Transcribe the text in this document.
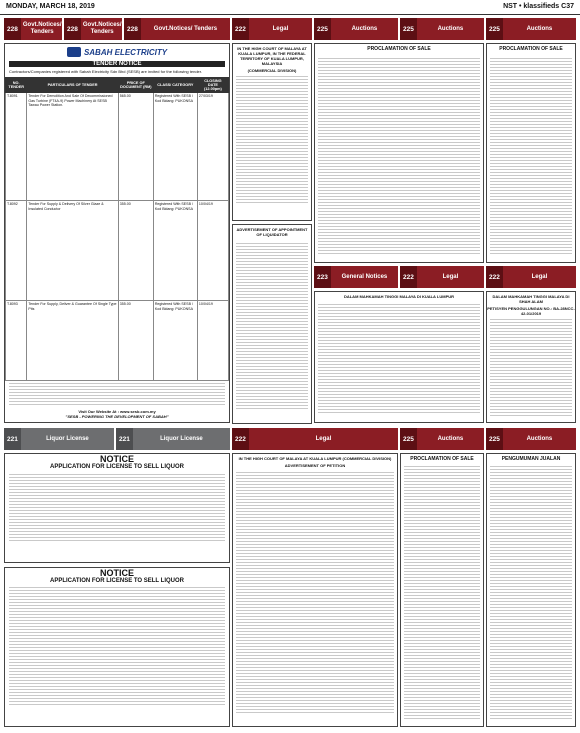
MONDAY, MARCH 18, 2019	NST • klassifieds C37
228
Govt.Notices/ Tenders	228
Govt.Notices/ Tenders	228	Govt.Notices/ Tenders	222	Legal	225	Auctions	225	Auctions	225	Auctions
SABAH ELECTRICITY
TENDER NOTICE
Contractors/Companies registered with Sabah Electricity Sdn Bhd (SESB) are invited for the following tender.
NO. TENDER	PARTICULARS OF TENDER	PRICE OF DOCUMENT (RM)	CLASS/ CATEGORY	CLOSING DATE (12.00pm)
T.8091	Tender For Demolition And Sale Of Decommissioned Gas Turbine (FT4A-9) Power Machinery At SESB Tawau Power Station.	565.00	Registered With SESB / Kod Bidang: PUKONSA	27/03/19
T.8092	Tender For Supply & Delivery Of Silver Glaze & Insulated Conductor	355.00	Registered With SESB / Kod Bidang: PUKONSA	10/04/19
T.8093	Tender For Supply, Deliver & Guarantee Of Single Type Pits	355.00	Registered With SESB / Kod Bidang: PUKONSA	10/04/19
Visit Our Website At : www.sesb.com.my
"SESB - POWERING THE DEVELOPMENT OF SABAH"
IN THE HIGH COURT OF MALAYA AT KUALA LUMPUR, IN THE FEDERAL TERRITORY OF KUALA LUMPUR, MALAYSIA
(COMMERCIAL DIVISION)
ADVERTISEMENT OF APPOINTMENT OF LIQUIDATOR
PROCLAMATION OF SALE	PROCLAMATION OF SALE
223	General Notices	222	Legal	222	Legal
DALAM MAHKAMAH TINGGI MALAYA DI KUALA LUMPUR	DALAM MAHKAMAH TINGGI MALAYA DI SHAH ALAM
PETISYEN PENGGULUNGAN NO.: BA-28NCC-42-01/2019
221	Liquor License	221	Liquor License	222	Legal	225	Auctions	225	Auctions
NOTICE
APPLICATION FOR LICENSE TO SELL LIQUOR
NOTICE
APPLICATION FOR LICENSE TO SELL LIQUOR
IN THE HIGH COURT OF MALAYA AT KUALA LUMPUR (COMMERCIAL DIVISION)
ADVERTISEMENT OF PETITION
PROCLAMATION OF SALE	PENGUMUMAN JUALAN
